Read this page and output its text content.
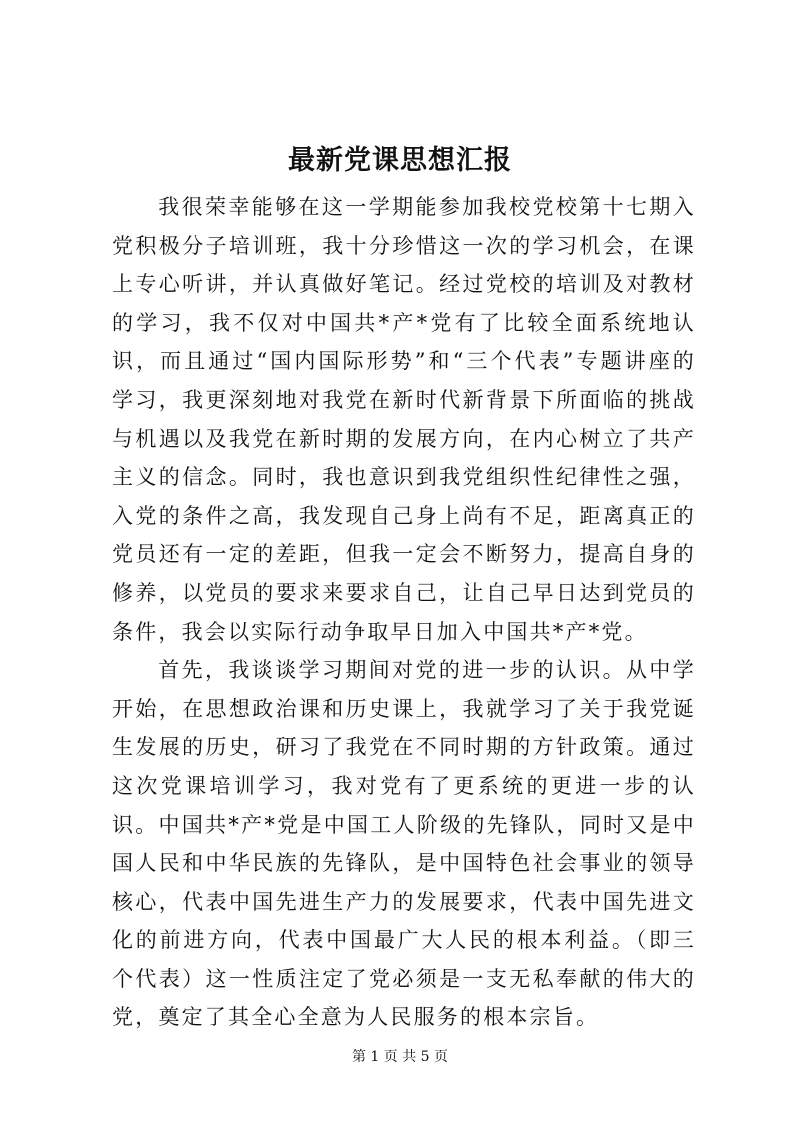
最新党课思想汇报

我很荣幸能够在这一学期能参加我校党校第十七期入党积极分子培训班，我十分珍惜这一次的学习机会，在课上专心听讲，并认真做好笔记。经过党校的培训及对教材的学习，我不仅对中国共*产*党有了比较全面系统地认识，而且通过“国内国际形势”和“三个代表”专题讲座的学习，我更深刻地对我党在新时代新背景下所面临的挑战与机遇以及我党在新时期的发展方向，在内心树立了共产主义的信念。同时，我也意识到我党组织性纪律性之强，入党的条件之高，我发现自己身上尚有不足，距离真正的党员还有一定的差距，但我一定会不断努力，提高自身的修养，以党员的要求来要求自己，让自己早日达到党员的条件，我会以实际行动争取早日加入中国共*产*党。

首先，我谈谈学习期间对党的进一步的认识。从中学开始，在思想政治课和历史课上，我就学习了关于我党诞生发展的历史，研习了我党在不同时期的方针政策。通过这次党课培训学习，我对党有了更系统的更进一步的认识。中国共*产*党是中国工人阶级的先锋队，同时又是中国人民和中华民族的先锋队，是中国特色社会事业的领导核心，代表中国先进生产力的发展要求，代表中国先进文化的前进方向，代表中国最广大人民的根本利益。（即三个代表）这一性质注定了党必须是一支无私奉献的伟大的党，奠定了其全心全意为人民服务的根本宗旨。

第 1 页 共 5 页
